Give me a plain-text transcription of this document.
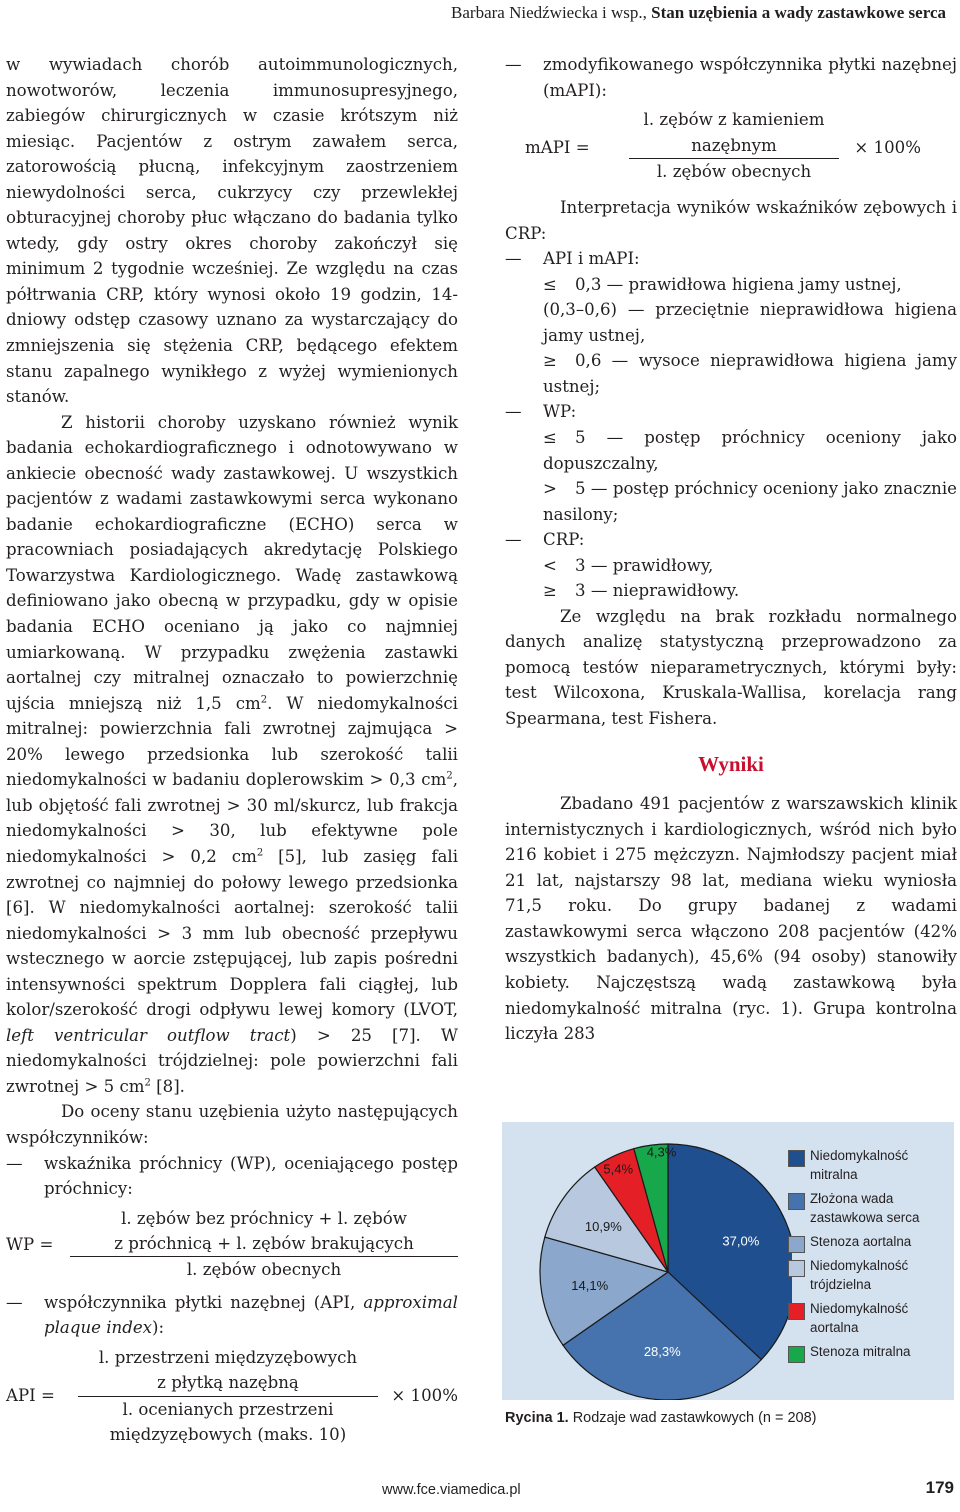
Barbara Niedźwiecka i wsp., Stan uzębienia a wady zastawkowe serca

w wywiadach chorób autoimmunologicznych, nowotworów, leczenia immunosupresyjnego, zabiegów chirurgicznych w czasie krótszym niż miesiąc. Pacjentów z ostrym zawałem serca, zatorowością płucną, infekcyjnym zaostrzeniem niewydolności serca, cukrzycy czy przewlekłej obturacyjnej choroby płuc włączano do badania tylko wtedy, gdy ostry okres choroby zakończył się minimum 2 tygodnie wcześniej. Ze względu na czas półtrwania CRP, który wynosi około 19 godzin, 14-dniowy odstęp czasowy uznano za wystarczający do zmniejszenia się stężenia CRP, będącego efektem stanu zapalnego wynikłego z wyżej wymienionych stanów.

Z historii choroby uzyskano również wynik badania echokardiograficznego i odnotowywano w ankiecie obecność wady zastawkowej. U wszystkich pacjentów z wadami zastawkowymi serca wykonano badanie echokardiograficzne (ECHO) serca w pracowniach posiadających akredytację Polskiego Towarzystwa Kardiologicznego. Wadę zastawkową definiowano jako obecną w przypadku, gdy w opisie badania ECHO oceniano ją jako co najmniej umiarkowaną. W przypadku zwężenia zastawki aortalnej czy mitralnej oznaczało to powierzchnię ujścia mniejszą niż 1,5 $cm^2$. W niedomykalności mitralnej: powierzchnia fali zwrotnej zajmująca > 20% lewego przedsionka lub szerokość talii niedomykalności w badaniu doplerowskim > 0,3 $cm^2$, lub objętość fali zwrotnej > 30 ml/skurcz, lub frakcja niedomykalności > 30, lub efektywne pole niedomykalności > 0,2 $cm^2$ [5], lub zasięg fali zwrotnej co najmniej do połowy lewego przedsionka [6]. W niedomykalności aortalnej: szerokość talii niedomykalności > 3 mm lub obecność przepływu wstecznego w aorcie zstępującej, lub zapis pośredni intensywności spektrum Dopplera fali ciągłej, lub kolor/szerokość drogi odpływu lewej komory (LVOT, left ventricular outflow tract) > 25 [7]. W niedomykalności trójdzielnej: pole powierzchni fali zwrotnej > 5 $cm^2$ [8].

Do oceny stanu uzębienia użyto następujących współczynników:

— wskaźnika próchnicy (WP), oceniającego postęp próchnicy:
WP =
l. zębów bez próchnicy + l. zębów
z próchnicą + l. zębów brakujących
l. zębów obecnych
— współczynnika płytki nazębnej (API, approximal plaque index):
API =
l. przestrzeni międzyzębowych
z płytką nazębną
l. ocenianych przestrzeni
międzyzębowych (maks. 10)
× 100%
— zmodyfikowanego współczynnika płytki nazębnej (mAPI):
mAPI =
l. zębów z kamieniem
nazębnym
l. zębów obecnych
× 100%

Interpretacja wyników wskaźników zębowych i CRP:

— API i mAPI:
≤ 0,3 — prawidłowa higiena jamy ustnej,
(0,3–0,6) — przeciętnie nieprawidłowa higiena jamy ustnej,
≥ 0,6 — wysoce nieprawidłowa higiena jamy ustnej;
— WP:
≤ 5 — postęp próchnicy oceniony jako dopuszczalny,
> 5 — postęp próchnicy oceniony jako znacznie nasilony;
— CRP:
< 3 — prawidłowy,
≥ 3 — nieprawidłowy.

Ze względu na brak rozkładu normalnego danych analizę statystyczną przeprowadzono za pomocą testów nieparametrycznych, którymi były: test Wilcoxona, Kruskala-Wallisa, korelacja rang Spearmana, test Fishera.

Wyniki

Zbadano 491 pacjentów z warszawskich klinik internistycznych i kardiologicznych, wśród nich było 216 kobiet i 275 mężczyzn. Najmłodszy pacjent miał 21 lat, najstarszy 98 lat, mediana wieku wyniosła 71,5 roku. Do grupy badanej z wadami zastawkowymi serca włączono 208 pacjentów (42% wszystkich badanych), 45,6% (94 osoby) stanowiły kobiety. Najczęstszą wadą zastawkową była niedomykalność mitralna (ryc. 1). Grupa kontrolna liczyła 283

37,0%
28,3%
14,1%
10,9%
5,4%
4,3%	Niedomykalność mitralna
Złożona wada zastawkowa serca
Stenoza aortalna
Niedomykalność trójdzielna
Niedomykalność aortalna
Stenoza mitralna
Rycina 1. Rodzaje wad zastawkowych (n = 208)
www.fce.viamedica.pl	179
